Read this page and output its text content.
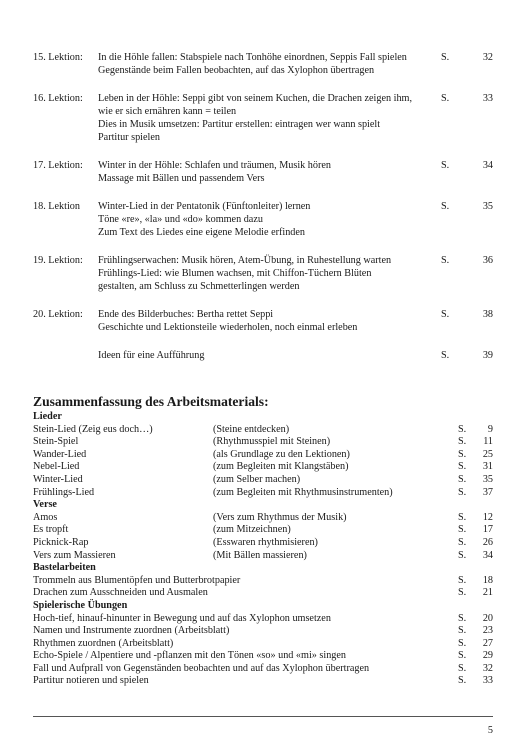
15. Lektion:	In die Höhle fallen: Stabspiele nach Tonhöhe einordnen, Seppis Fall spielen
Gegenstände beim Fallen beobachten, auf das Xylophon übertragen
S.	32
16. Lektion:	Leben in der Höhle: Seppi gibt von seinem Kuchen, die Drachen zeigen ihm,
wie er sich ernähren kann = teilen
Dies in Musik umsetzen: Partitur erstellen: eintragen wer wann spielt
Partitur spielen
S.	33
17. Lektion:	Winter in der Höhle: Schlafen und träumen, Musik hören
Massage mit Bällen und passendem Vers
S.	34
18. Lektion	Winter-Lied in der Pentatonik (Fünftonleiter) lernen
Töne «re», «la» und «do» kommen dazu
Zum Text des Liedes eine eigene Melodie erfinden
S.	35
19. Lektion:	Frühlingserwachen: Musik hören, Atem-Übung, in Ruhestellung warten
Frühlings-Lied: wie Blumen wachsen, mit Chiffon-Tüchern Blüten
gestalten, am Schluss zu Schmetterlingen werden
S.	36
20. Lektion:	Ende des Bilderbuches: Bertha rettet Seppi
Geschichte und Lektionsteile wiederholen, noch einmal erleben
S.	38
Ideen für eine Aufführung	S.	39
Zusammenfassung des Arbeitsmaterials:
Lieder
Stein-Lied (Zeig eus doch…)	(Steine entdecken)	S. 9
Stein-Spiel	(Rhythmusspiel mit Steinen)	S. 11
Wander-Lied	(als Grundlage zu den Lektionen)	S. 25
Nebel-Lied	(zum Begleiten mit Klangstäben)	S. 31
Winter-Lied	(zum Selber machen)	S. 35
Frühlings-Lied	(zum Begleiten mit Rhythmusinstrumenten)	S. 37
Verse
Amos	(Vers zum Rhythmus der Musik)	S. 12
Es tropft	(zum Mitzeichnen)	S. 17
Picknick-Rap	(Esswaren rhythmisieren)	S. 26
Vers zum Massieren	(Mit Bällen massieren)	S. 34
Bastelarbeiten
Trommeln aus Blumentöpfen und Butterbrotpapier	S. 18
Drachen zum Ausschneiden und Ausmalen	S. 21
Spielerische Übungen
Hoch-tief, hinauf-hinunter in Bewegung und auf das Xylophon umsetzen	S. 20
Namen und Instrumente zuordnen (Arbeitsblatt)	S. 23
Rhythmen zuordnen (Arbeitsblatt)	S. 27
Echo-Spiele / Alpentiere und -pflanzen mit den Tönen «so» und «mi» singen	S. 29
Fall und Aufprall von Gegenständen beobachten und auf das Xylophon übertragen	S. 32
Partitur notieren und spielen	S. 33
5
